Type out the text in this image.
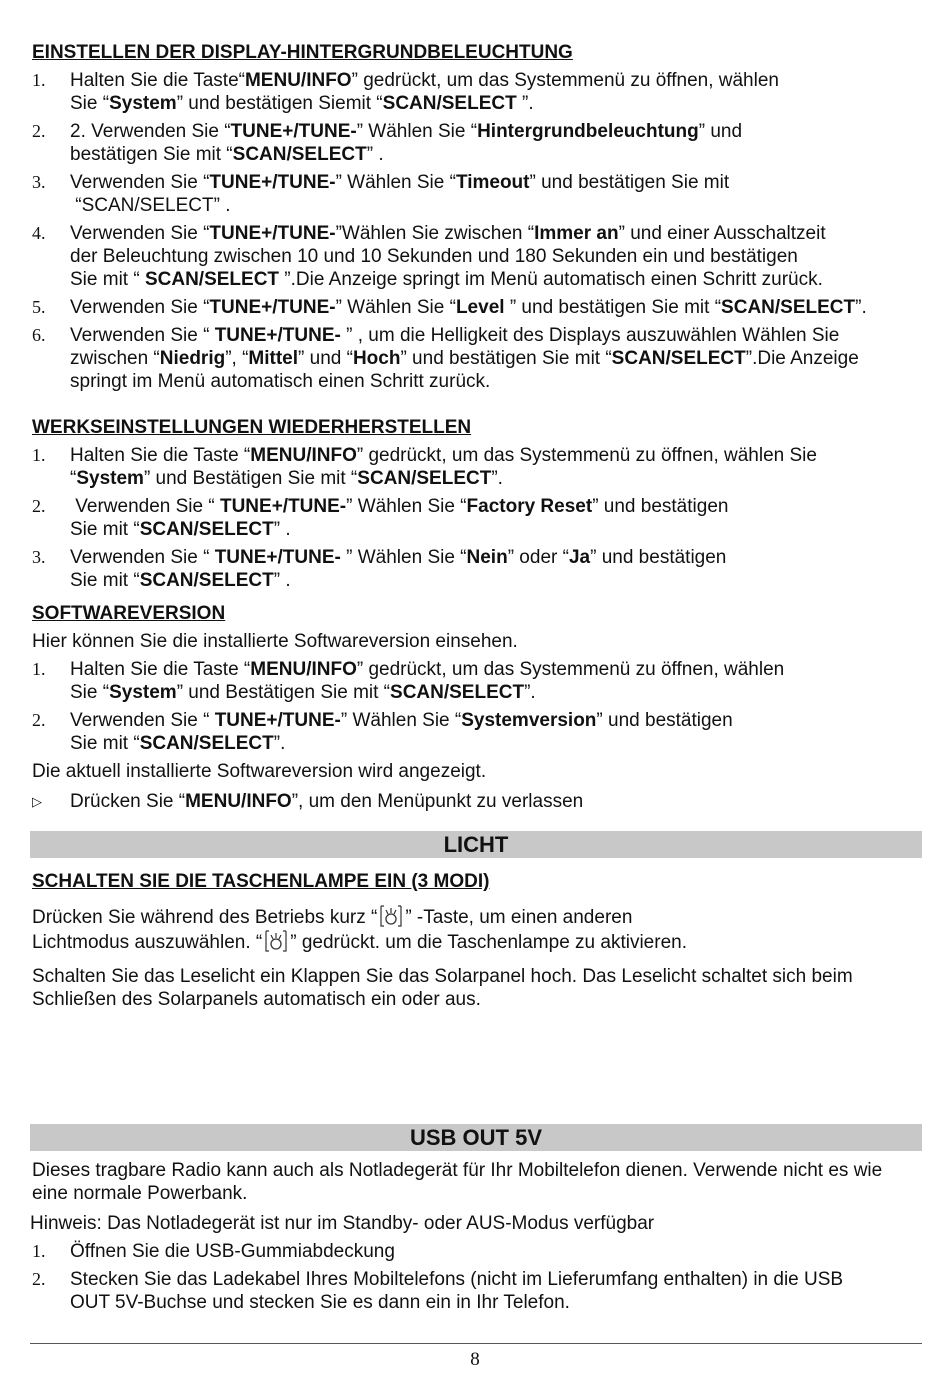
EINSTELLEN DER DISPLAY-HINTERGRUNDBELEUCHTUNG

1. Halten Sie die Taste“MENU/INFO” gedrückt, um das Systemmenü zu öffnen, wählen
Sie “System” und bestätigen Siemit “SCAN/SELECT ”.
2. 2. Verwenden Sie “TUNE+/TUNE-” Wählen Sie “Hintergrundbeleuchtung” und
bestätigen Sie mit “SCAN/SELECT” .
3. Verwenden Sie “TUNE+/TUNE-” Wählen Sie “Timeout” und bestätigen Sie mit
“SCAN/SELECT” .
4. Verwenden Sie “TUNE+/TUNE-”Wählen Sie zwischen “Immer an” und einer Ausschaltzeit
der Beleuchtung zwischen 10 und 10 Sekunden und 180 Sekunden ein und bestätigen
Sie mit “ SCAN/SELECT ”.Die Anzeige springt im Menü automatisch einen Schritt zurück.
5. Verwenden Sie “TUNE+/TUNE-” Wählen Sie “Level ” und bestätigen Sie mit “SCAN/SELECT”.
6. Verwenden Sie “ TUNE+/TUNE- ” , um die Helligkeit des Displays auszuwählen Wählen Sie
zwischen “Niedrig”, “Mittel” und “Hoch” und bestätigen Sie mit “SCAN/SELECT”.Die Anzeige
springt im Menü automatisch einen Schritt zurück.

WERKSEINSTELLUNGEN WIEDERHERSTELLEN

1. Halten Sie die Taste “MENU/INFO” gedrückt, um das Systemmenü zu öffnen, wählen Sie
“System” und Bestätigen Sie mit “SCAN/SELECT”.
2. Verwenden Sie “ TUNE+/TUNE-” Wählen Sie “Factory Reset” und bestätigen
Sie mit “SCAN/SELECT” .
3. Verwenden Sie “ TUNE+/TUNE- ” Wählen Sie “Nein” oder “Ja” und bestätigen
Sie mit “SCAN/SELECT” .

SOFTWAREVERSION

Hier können Sie die installierte Softwareversion einsehen.

1. Halten Sie die Taste “MENU/INFO” gedrückt, um das Systemmenü zu öffnen, wählen
Sie “System” und Bestätigen Sie mit “SCAN/SELECT”.
2. Verwenden Sie “ TUNE+/TUNE-” Wählen Sie “Systemversion” und bestätigen
Sie mit “SCAN/SELECT”.

Die aktuell installierte Softwareversion wird angezeigt.

▷ Drücken Sie “MENU/INFO”, um den Menüpunkt zu verlassen

LICHT

SCHALTEN SIE DIE TASCHENLAMPE EIN (3 MODI)

Drücken Sie während des Betriebs kurz “ ” -Taste, um einen anderen
Lichtmodus auszuwählen. “ ” gedrückt. um die Taschenlampe zu aktivieren.

Schalten Sie das Leselicht ein Klappen Sie das Solarpanel hoch. Das Leselicht schaltet sich beim Schließen des Solarpanels automatisch ein oder aus.

USB OUT 5V

Dieses tragbare Radio kann auch als Notladegerät für Ihr Mobiltelefon dienen. Verwende nicht es wie eine normale Powerbank.

Hinweis: Das Notladegerät ist nur im Standby- oder AUS-Modus verfügbar

1. Öffnen Sie die USB-Gummiabdeckung
2. Stecken Sie das Ladekabel Ihres Mobiltelefons (nicht im Lieferumfang enthalten) in die USB
OUT 5V-Buchse und stecken Sie es dann ein in Ihr Telefon.
8
